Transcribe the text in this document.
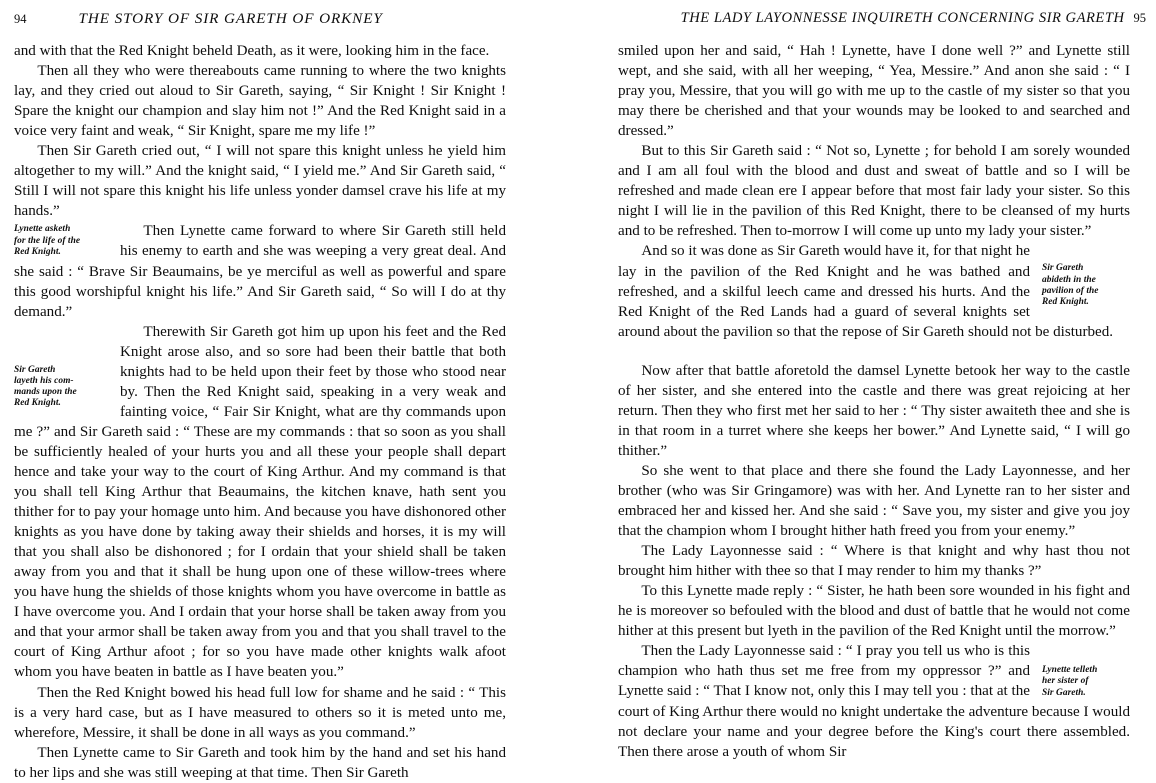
94	THE STORY OF SIR GARETH OF ORKNEY

and with that the Red Knight beheld Death, as it were, looking him in the face.

Then all they who were thereabouts came running to where the two knights lay, and they cried out aloud to Sir Gareth, saying, “ Sir Knight ! Sir Knight ! Spare the knight our champion and slay him not !” And the Red Knight said in a voice very faint and weak, “ Sir Knight, spare me my life !”

Then Sir Gareth cried out, “ I will not spare this knight unless he yield him altogether to my will.” And the knight said, “ I yield me.” And Sir Gareth said, “ Still I will not spare this knight his life unless yonder damsel crave his life at my hands.”

Lynette asketh
for the life of the
Red Knight.

Then Lynette came forward to where Sir Gareth still held his enemy to earth and she was weeping a very great deal. And she said : “ Brave Sir Beaumains, be ye merciful as well as powerful and spare this good worshipful knight his life.” And Sir Gareth said, “ So will I do at thy demand.”

Sir Gareth
layeth his com-
mands upon the
Red Knight.

Therewith Sir Gareth got him up upon his feet and the Red Knight arose also, and so sore had been their battle that both knights had to be held upon their feet by those who stood near by. Then the Red Knight said, speaking in a very weak and fainting voice, “ Fair Sir Knight, what are thy commands upon me ?” and Sir Gareth said : “ These are my commands : that so soon as you shall be sufficiently healed of your hurts you and all these your people shall depart hence and take your way to the court of King Arthur. And my command is that you shall tell King Arthur that Beaumains, the kitchen knave, hath sent you thither for to pay your homage unto him. And because you have dishonored other knights as you have done by taking away their shields and horses, it is my will that you shall also be dishonored ; for I ordain that your shield shall be taken away from you and that it shall be hung upon one of these willow-trees where you have hung the shields of those knights whom you have overcome in battle as I have overcome you. And I ordain that your horse shall be taken away from you and that your armor shall be taken away from you and that you shall travel to the court of King Arthur afoot ; for so you have made other knights walk afoot whom you have beaten in battle as I have beaten you.”

Then the Red Knight bowed his head full low for shame and he said : “ This is a very hard case, but as I have measured to others so it is meted unto me, wherefore, Messire, it shall be done in all ways as you command.”

Then Lynette came to Sir Gareth and took him by the hand and set his hand to her lips and she was still weeping at that time. Then Sir Gareth

THE LADY LAYONNESSE INQUIRETH CONCERNING SIR GARETH 95

smiled upon her and said, “ Hah ! Lynette, have I done well ?” and Lynette still wept, and she said, with all her weeping, “ Yea, Messire.” And anon she said : “ I pray you, Messire, that you will go with me up to the castle of my sister so that you may there be cherished and that your wounds may be looked to and searched and dressed.”

But to this Sir Gareth said : “ Not so, Lynette ; for behold I am sorely wounded and I am all foul with the blood and dust and sweat of battle and so I will be refreshed and made clean ere I appear before that most fair lady your sister. So this night I will lie in the pavilion of this Red Knight, there to be cleansed of my hurts and to be refreshed. Then to-morrow I will come up unto my lady your sister.”

Sir Gareth
abideth in the
pavilion of the
Red Knight.

And so it was done as Sir Gareth would have it, for that night he lay in the pavilion of the Red Knight and he was bathed and refreshed, and a skilful leech came and dressed his hurts. And the Red Knight of the Red Lands had a guard of several knights set around about the pavilion so that the repose of Sir Gareth should not be disturbed.

Now after that battle aforetold the damsel Lynette betook her way to the castle of her sister, and she entered into the castle and there was great rejoicing at her return. Then they who first met her said to her : “ Thy sister awaiteth thee and she is in that room in a turret where she keeps her bower.” And Lynette said, “ I will go thither.”

So she went to that place and there she found the Lady Layonnesse, and her brother (who was Sir Gringamore) was with her. And Lynette ran to her sister and embraced her and kissed her. And she said : “ Save you, my sister and give you joy that the champion whom I brought hither hath freed you from your enemy.”

The Lady Layonnesse said : “ Where is that knight and why hast thou not brought him hither with thee so that I may render to him my thanks ?”

To this Lynette made reply : “ Sister, he hath been sore wounded in his fight and he is moreover so befouled with the blood and dust of battle that he would not come hither at this present but lyeth in the pavilion of the Red Knight until the morrow.”

Lynette telleth
her sister of
Sir Gareth.

Then the Lady Layonnesse said : “ I pray you tell us who is this champion who hath thus set me free from my oppressor ?” and Lynette said : “ That I know not, only this I may tell you : that at the court of King Arthur there would no knight undertake the adventure because I would not declare your name and your degree before the King's court there assembled. Then there arose a youth of whom Sir
